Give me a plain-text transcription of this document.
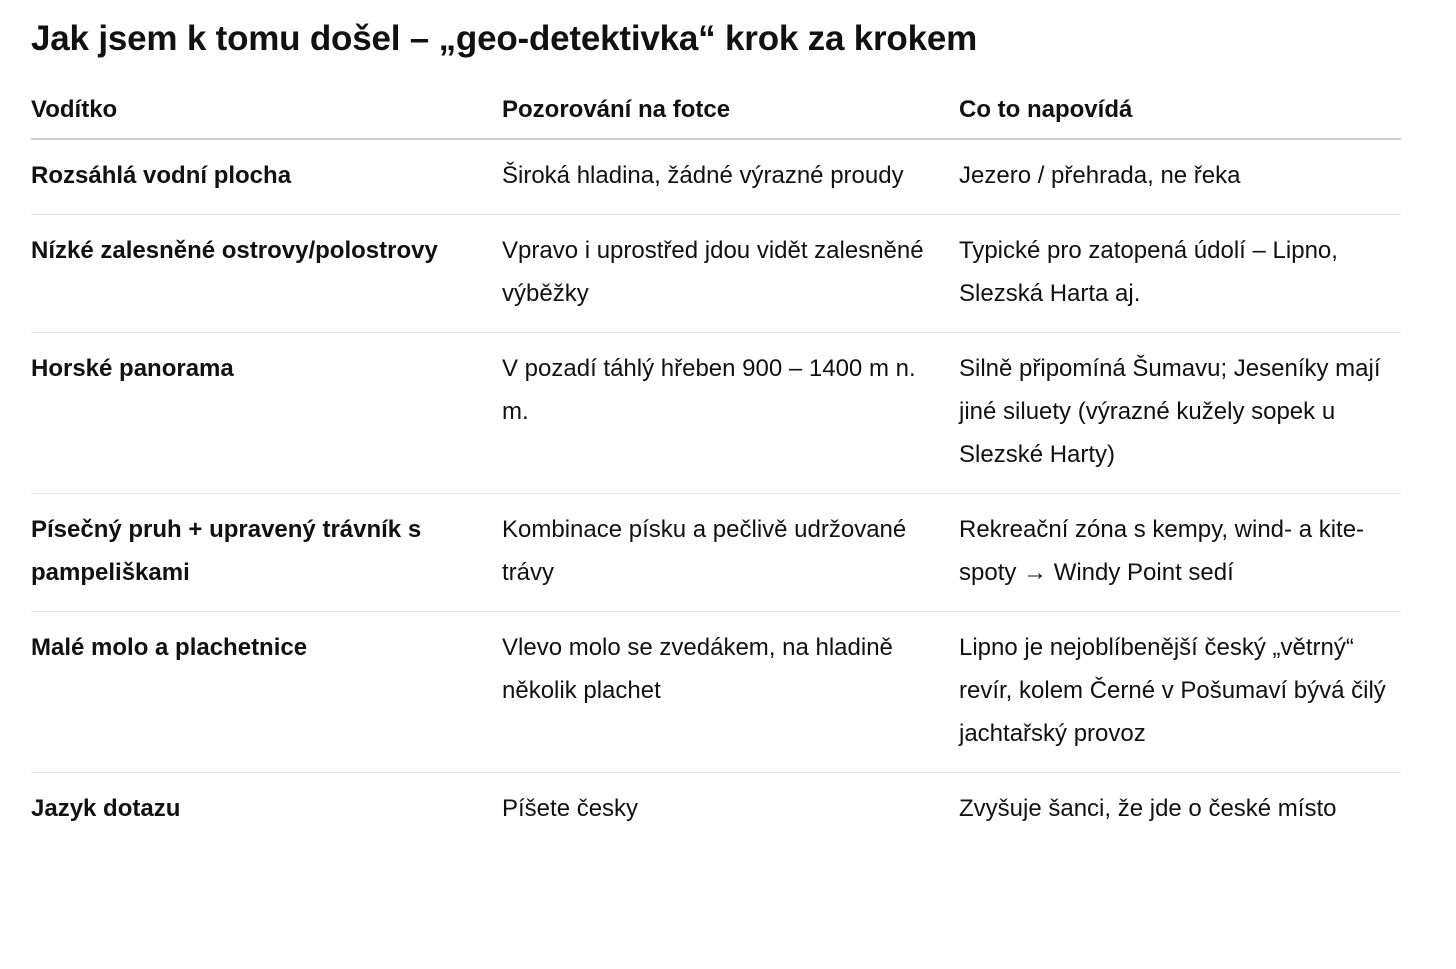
Jak jsem k tomu došel – „geo-detektivka“ krok za krokem
Vodítko	Pozorování na fotce	Co to napovídá
Rozsáhlá vodní plocha	Široká hladina, žádné výrazné proudy	Jezero / přehrada, ne řeka
Nízké zalesněné ostrovy/polostrovy	Vpravo i uprostřed jdou vidět zalesněné výběžky	Typické pro zatopená údolí – Lipno, Slezská Harta aj.
Horské panorama	V pozadí táhlý hřeben 900 – 1400 m n. m.	Silně připomíná Šumavu; Jeseníky mají jiné siluety (výrazné kužely sopek u Slezské Harty)
Písečný pruh + upravený trávník s pampeliškami	Kombinace písku a pečlivě udržované trávy	Rekreační zóna s kempy, wind- a kite-spoty → Windy Point sedí
Malé molo a plachetnice	Vlevo molo se zvedákem, na hladině několik plachet	Lipno je nejoblíbenější český „větrný“ revír, kolem Černé v Pošumaví bývá čilý jachtařský provoz
Jazyk dotazu	Píšete česky	Zvyšuje šanci, že jde o české místo
